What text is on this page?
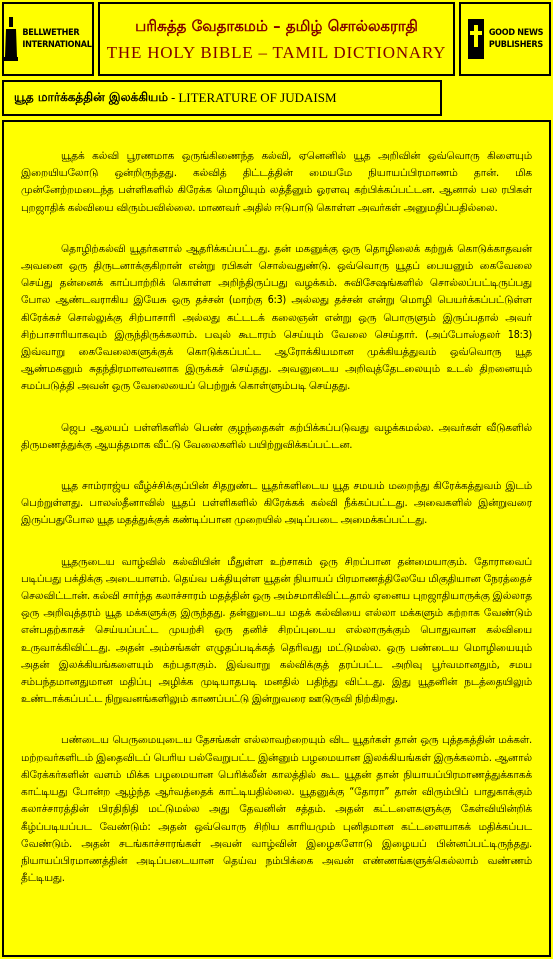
BELLWETHER
INTERNATIONAL
பரிசுத்த வேதாகமம் – தமிழ் சொல்லகராதி
THE HOLY BIBLE – TAMIL DICTIONARY
GOOD NEWS
PUBLISHERS
யூத மார்க்கத்தின் இலக்கியம் - LITERATURE OF JUDAISM

யூதக் கல்வி பூரணமாக ஒருங்கிணைந்த கல்வி, ஏனெனில் யூத அறிவின் ஒவ்வொரு கிளையும் இறையியலோடு ஒன்றிருந்தது. கல்வித் திட்டத்தின் மையமே நியாயப்பிரமாணம் தான். மிக முன்னேற்றமடைந்த பள்ளிகளில் கிரேக்க மொழியும் லத்தீனும் ஓரளவு கற்பிக்கப்பட்டன. ஆனால் பல ரபிகள் புறஜாதிக் கல்வியை விரும்பவில்லை. மாணவர் அதில் ஈடுபாடு கொள்ள அவர்கள் அனுமதிப்பதில்லை.

தொழிற்கல்வி யூதர்களால் ஆதரிக்கப்பட்டது. தன் மகனுக்கு ஒரு தொழிலைக் கற்றுக் கொடுக்காதவன் அவனை ஒரு திருடனாக்குகிறான் என்று ரபிகள் சொல்வதுண்டு. ஒவ்வொரு யூதப் பையனும் கைவேலை செய்து தன்னைக் காப்பாற்றிக் கொள்ள அறிந்திருப்பது வழக்கம். சுவிசேஷங்களில் சொல்லப்பட்டிருப்பது போல ஆண்டவராகிய இயேசு ஒரு தச்சன் (மாற்கு 6:3) அல்லது தச்சன் என்று மொழி பெயர்க்கப்பட்டுள்ள கிரேக்கச் சொல்லுக்கு சிற்பாசாரி அல்லது கட்டடக் கலைஞன் என்று ஒரு பொருளும் இருப்பதால் அவர் சிற்பாசாரியாகவும் இருந்திருக்கலாம். பவுல் கூடாரம் செய்யும் வேலை செய்தார். (அப்போஸ்தலர் 18:3) இவ்வாறு கைவேலைகளுக்குக் கொடுக்கப்பட்ட ஆரோக்கியமான முக்கியத்துவம் ஒவ்வொரு யூத ஆண்மகனும் சுதந்திரமானவனாக இருக்கச் செய்தது. அவனுடைய அறிவுத்தேடலையும் உடல் திறனையும் சமப்படுத்தி அவன் ஒரு வேலையைப் பெற்றுக் கொள்ளும்படி செய்தது.

ஜெப ஆலயப் பள்ளிகளில் பெண் குழந்தைகள் கற்பிக்கப்படுவது வழக்கமல்ல. அவர்கள் வீடுகளில் திருமணத்துக்கு ஆயத்தமாக வீட்டு வேலைகளில் பயிற்றுவிக்கப்பட்டன.

யூத சாம்ராஜ்ய வீழ்ச்சிக்குப்பின் சிதறுண்ட யூதர்களிடைய யூத சமயம் மறைந்து கிரேக்கத்துவம் இடம் பெற்றுள்ளது. பாலஸ்தீனாவில் யூதப் பள்ளிகளில் கிரேக்கக் கல்வி நீக்கப்பட்டது. அவைகளில் இன்றுவரை இருப்பதுபோல யூத மதத்துக்குக் கண்டிப்பான முறையில் அடிப்படை அமைக்கப்பட்டது.

யூதருடைய வாழ்வில் கல்வியின் மீதுள்ள உற்சாகம் ஒரு சிறப்பான தன்மையாகும். தோராவைப் படிப்பது பக்திக்கு அடையாளம். தெய்வ பக்தியுள்ள யூதன் நியாயப் பிரமாணத்திலேயே மிகுதியான நேரத்தைச் செலவிட்டான். கல்வி சார்ந்த கலாச்சாரம் மதத்தின் ஒரு அம்சமாகிவிட்டதால் ஏனைய புறஜாதியாருக்கு இல்லாத ஒரு அறிவுத்தரம் யூத மக்களுக்கு இருந்தது. தன்னுடைய மதக் கல்வியை எல்லா மக்களும் கற்றாக வேண்டும் என்பதற்காகச் செய்யப்பட்ட முயற்சி ஒரு தனிச் சிறப்புடைய எல்லாருக்கும் பொதுவான கல்வியை உருவாக்கிவிட்டது. அதன் அம்சங்கள் எழுதப்படிக்கத் தெரிவது மட்டுமல்ல. ஒரு பண்டைய மொழியையும் அதன் இலக்கியங்களையும் கற்பதாகும். இவ்வாறு கல்விக்குத் தரப்பட்ட அறிவு பூர்வமானதும், சமய சம்பந்தமானதுமான மதிப்பு அழிக்க முடியாதபடி மனதில் பதிந்து விட்டது. இது யூதனின் நடத்தையிலும் உண்டாக்கப்பட்ட நிறுவனங்களிலும் காணப்பட்டு இன்றுவரை ஊடுருவி நிற்கிறது.

பண்டைய பெருமையுடைய தேசங்கள் எல்லாவற்றையும் விட யூதர்கள் தான் ஒரு புத்தகத்தின் மக்கள். மற்றவர்களிடம் இதைவிடப் பெரிய பல்வேறுபட்ட இன்னும் பழமையான இலக்கியங்கள் இருக்கலாம். ஆனால் கிரேக்கர்களின் வளம் மிக்க பழமையான பெரிக்லீன் காலத்தில் கூட யூதன் தான் நியாயப்பிரமாணத்துக்காகக் காட்டியது போன்ற ஆழ்ந்த ஆர்வத்தைக் காட்டியதில்லை. யூதனுக்கு “தோரா” தான் விரும்பிப் பாதுகாக்கும் கலாச்சாரத்தின் பிரதிநிதி மட்டுமல்ல அது தேவனின் சத்தம். அதன் கட்டளைகளுக்கு கேள்வியின்றிக் கீழ்ப்படியப்பட வேண்டும்: அதன் ஒவ்வொரு சிறிய காரியமும் புனிதமான கட்டளையாகக் மதிக்கப்பட வேண்டும். அதன் சடங்காச்சாரங்கள் அவன் வாழ்வின் இழைகளோடு இழையப் பின்னப்பட்டிருந்தது. நியாயப்பிரமாணத்தின் அடிப்படையான தெய்வ நம்பிக்கை அவன் எண்ணங்களுக்கெல்லாம் வண்ணம் தீட்டியது.
